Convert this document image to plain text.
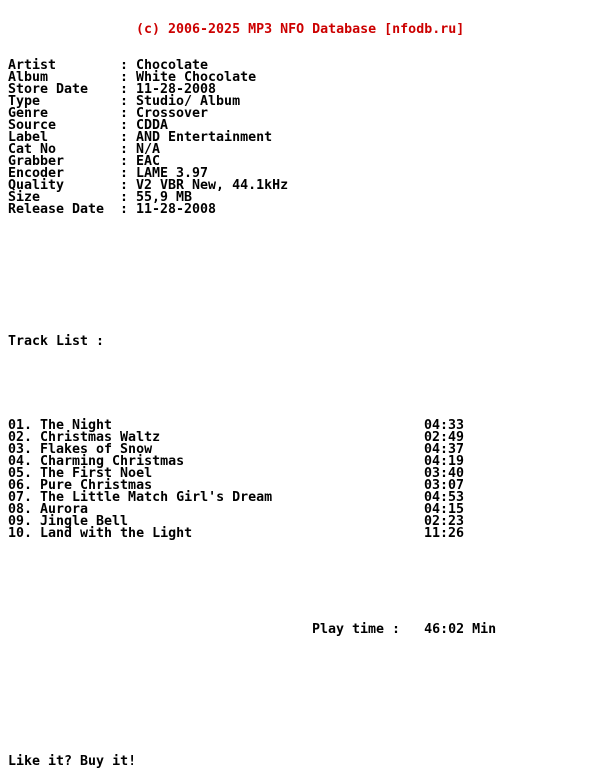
(c) 2006-2025 MP3 NFO Database [nfodb.ru]

Artist	: Chocolate
Album	: White Chocolate
Store Date : 11-28-2008
Type	: Studio/ Album
Genre	: Crossover
Source	: CDDA
Label	: AND Entertainment
Cat No	: N/A
Grabber	: EAC
Encoder	: LAME 3.97
Quality	: V2 VBR New, 44.1kHz
Size	: 55,9 MB
Release Date : 11-28-2008

Track List :

01. The Night	04:33
02. Christmas Waltz	02:49
03. Flakes of Snow	04:37
04. Charming Christmas	04:19
05. The First Noel	03:40
06. Pure Christmas	03:07
07. The Little Match Girl's Dream	04:53
08. Aurora	04:15
09. Jingle Bell	02:23
10. Land with the Light	11:26

Play time : 46:02 Min

Like it? Buy it!
